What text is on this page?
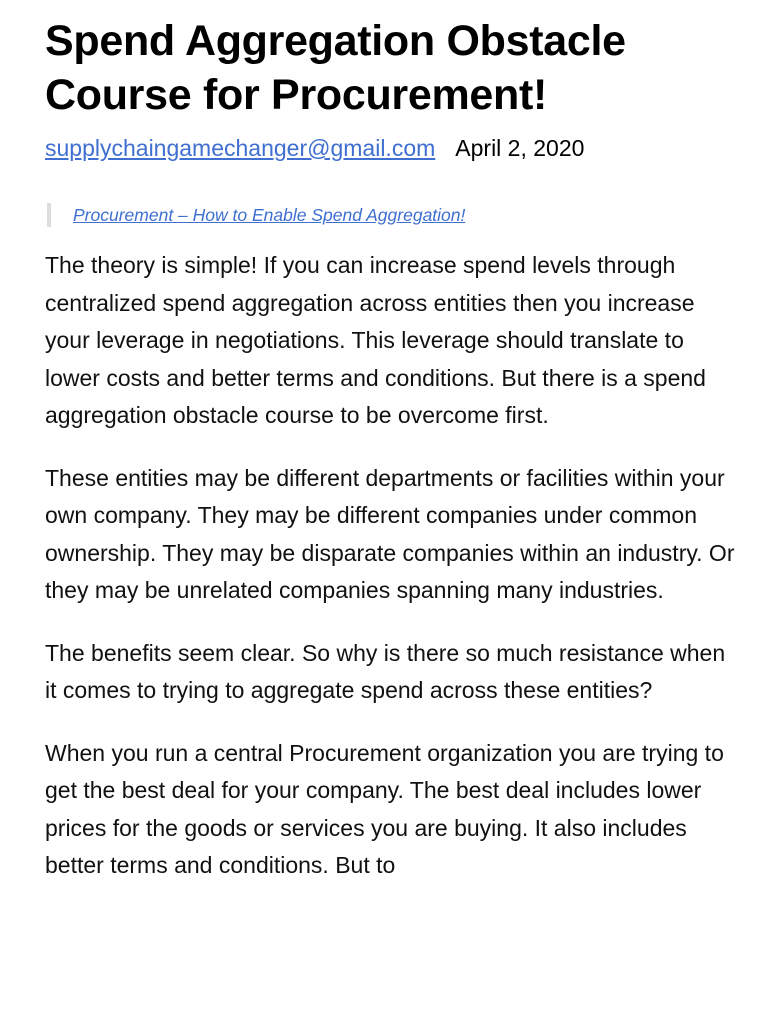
Spend Aggregation Obstacle Course for Procurement!
supplychaingamechanger@gmail.com April 2, 2020
Procurement – How to Enable Spend Aggregation!

The theory is simple! If you can increase spend levels through centralized spend aggregation across entities then you increase your leverage in negotiations. This leverage should translate to lower costs and better terms and conditions. But there is a spend aggregation obstacle course to be overcome first.

These entities may be different departments or facilities within your own company. They may be different companies under common ownership. They may be disparate companies within an industry. Or they may be unrelated companies spanning many industries.

The benefits seem clear. So why is there so much resistance when it comes to trying to aggregate spend across these entities?

When you run a central Procurement organization you are trying to get the best deal for your company. The best deal includes lower prices for the goods or services you are buying. It also includes better terms and conditions. But to
